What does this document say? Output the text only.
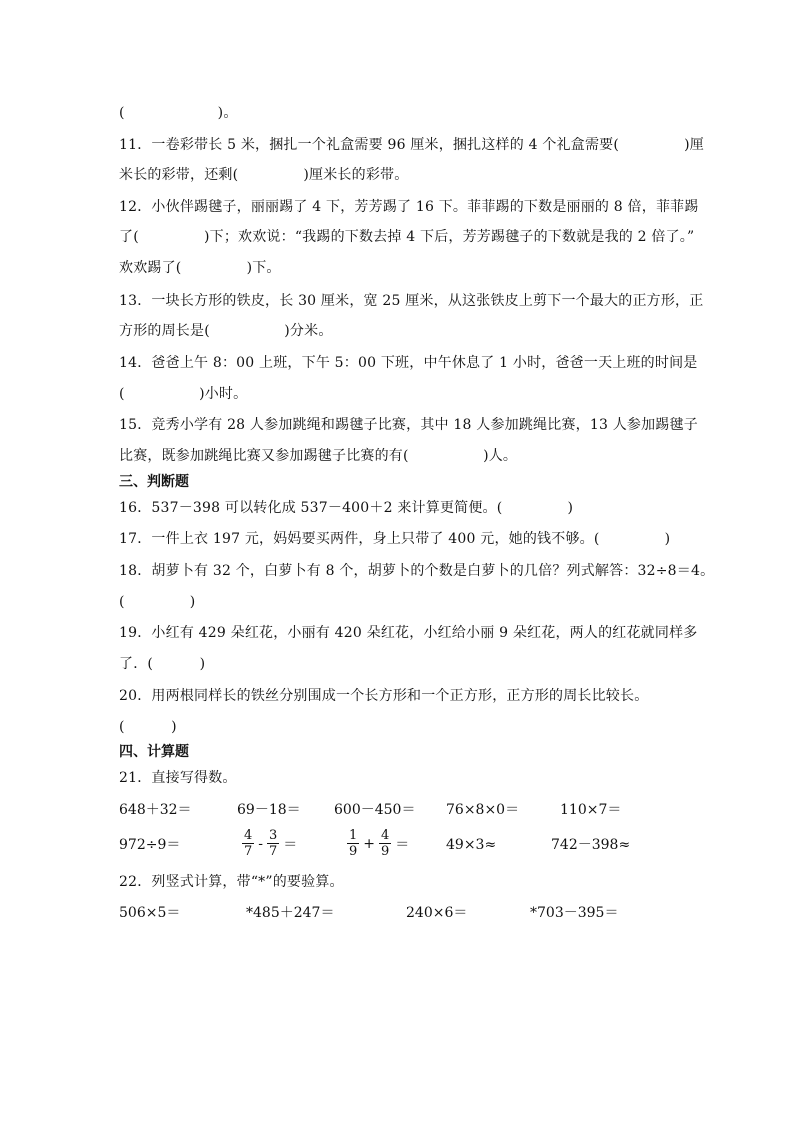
(                    )。
11．一卷彩带长 5 米，捆扎一个礼盒需要 96 厘米，捆扎这样的 4 个礼盒需要(              )厘
米长的彩带，还剩(              )厘米长的彩带。
12．小伙伴踢毽子，丽丽踢了 4 下，芳芳踢了 16 下。菲菲踢的下数是丽丽的 8 倍，菲菲踢
了(              )下；欢欢说：“我踢的下数去掉 4 下后，芳芳踢毽子的下数就是我的 2 倍了。”
欢欢踢了(              )下。
13．一块长方形的铁皮，长 30 厘米，宽 25 厘米，从这张铁皮上剪下一个最大的正方形，正
方形的周长是(                )分米。
14．爸爸上午 8：00 上班，下午 5：00 下班，中午休息了 1 小时，爸爸一天上班的时间是
(                )小时。
15．竞秀小学有 28 人参加跳绳和踢毽子比赛，其中 18 人参加跳绳比赛，13 人参加踢毽子
比赛，既参加跳绳比赛又参加踢毽子比赛的有(                )人。
三、判断题
16．537－398 可以转化成 537－400＋2 来计算更简便。(              )
17．一件上衣 197 元，妈妈要买两件，身上只带了 400 元，她的钱不够。(              )
18．胡萝卜有 32 个，白萝卜有 8 个，胡萝卜的个数是白萝卜的几倍？列式解答：32÷8＝4。
(              )
19．小红有 429 朵红花，小丽有 420 朵红花，小红给小丽 9 朵红花，两人的红花就同样多
了．(          )
20．用两根同样长的铁丝分别围成一个长方形和一个正方形，正方形的周长比较长。
(          )
四、计算题
21．直接写得数。
648＋32＝	69－18＝ 600－450＝ 76×8×0＝	110×7＝
972÷9＝	$\frac{4}{7} - \frac{3}{7}$ ＝	$\frac{1}{9} + \frac{4}{9}$ ＝	49×3≈	742－398≈
22．列竖式计算，带“*”的要验算。
506×5＝	*485＋247＝	240×6＝	*703－395＝
